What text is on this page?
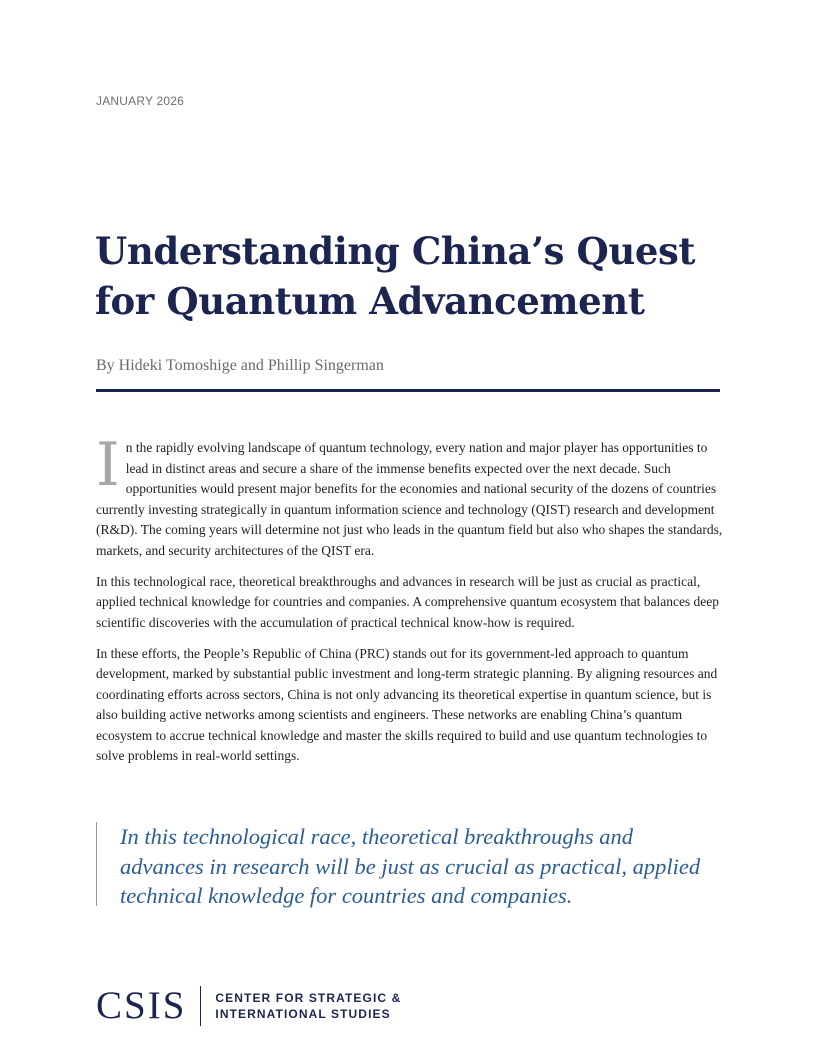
JANUARY 2026
Understanding China’s Quest for Quantum Advancement
By Hideki Tomoshige and Phillip Singerman

In the rapidly evolving landscape of quantum technology, every nation and major player has opportunities to lead in distinct areas and secure a share of the immense benefits expected over the next decade. Such opportunities would present major benefits for the economies and national security of the dozens of countries currently investing strategically in quantum information science and technology (QIST) research and development (R&D). The coming years will determine not just who leads in the quantum field but also who shapes the standards, markets, and security architectures of the QIST era.

In this technological race, theoretical breakthroughs and advances in research will be just as crucial as practical, applied technical knowledge for countries and companies. A comprehensive quantum ecosystem that balances deep scientific discoveries with the accumulation of practical technical know-how is required.

In these efforts, the People’s Republic of China (PRC) stands out for its government-led approach to quantum development, marked by substantial public investment and long-term strategic planning. By aligning resources and coordinating efforts across sectors, China is not only advancing its theoretical expertise in quantum science, but is also building active networks among scientists and engineers. These networks are enabling China’s quantum ecosystem to accrue technical knowledge and master the skills required to build and use quantum technologies to solve problems in real-world settings.

In this technological race, theoretical breakthroughs and advances in research will be just as crucial as practical, applied technical knowledge for countries and companies.

CSIS CENTER FOR STRATEGIC &
INTERNATIONAL STUDIES
